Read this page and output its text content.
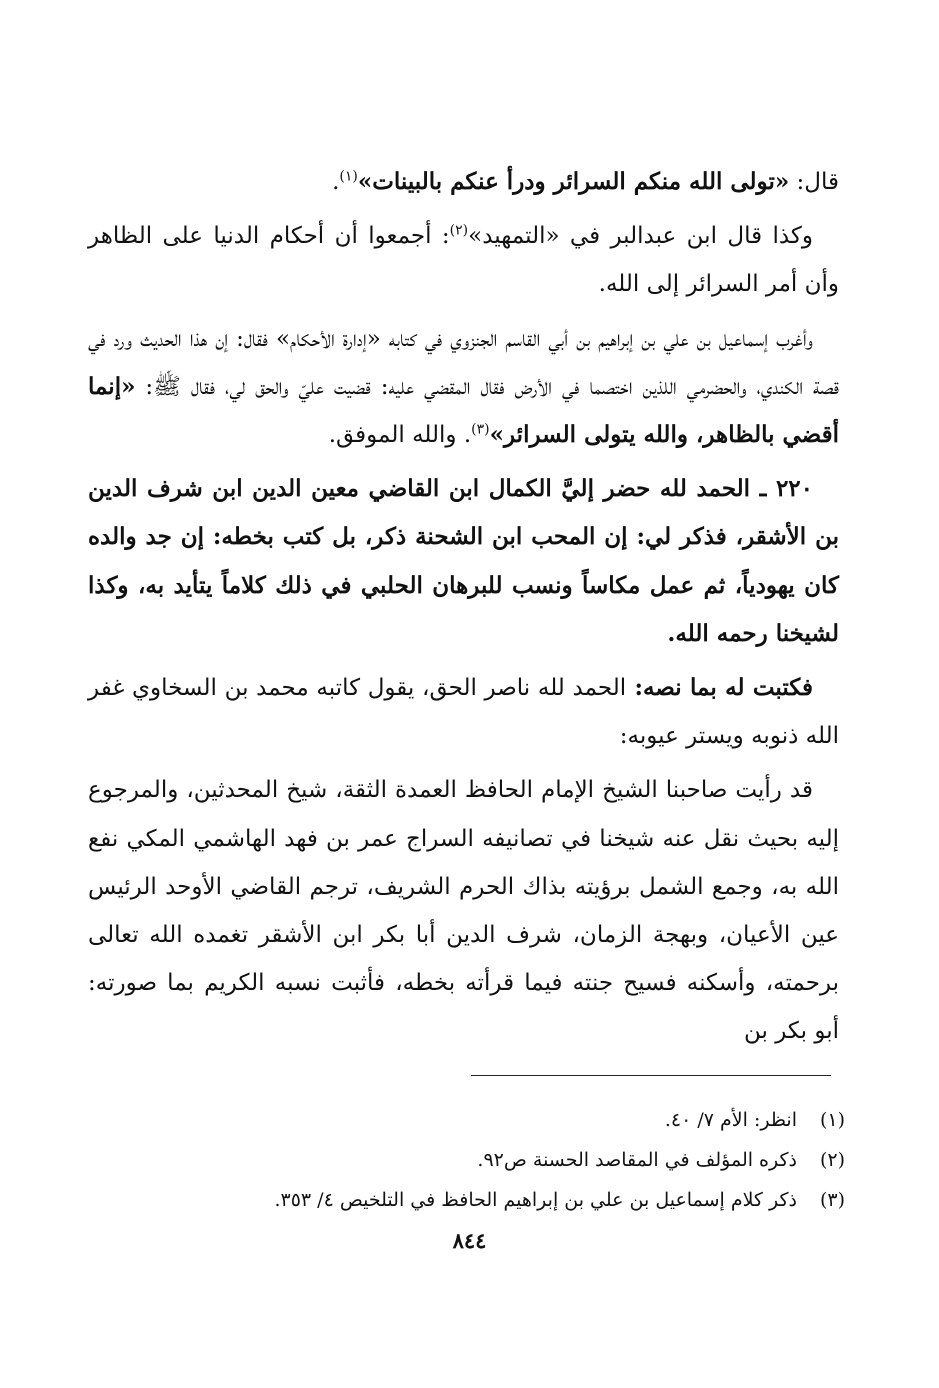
قال: «تولى الله منكم السرائر ودرأ عنكم بالبينات»$^{(١)}$.

وكذا قال ابن عبدالبر في «التمهيد»$^{(٢)}$: أجمعوا أن أحكام الدنيا على الظاهر وأن أمر السرائر إلى الله.

وأغرب إسماعيل بن علي بن إبراهيم بن أبي القاسم الجنزوي في كتابه «إدارة الأحكام» فقال: إن هذا الحديث ورد في قصة الكندي، والحضرمي اللذين اختصما في الأرض فقال المقضي عليه: قضيت عليّ والحق لي، فقال ﷺ: «إنما أقضي بالظاهر، والله يتولى السرائر»$^{(٣)}$. والله الموفق.

٢٢٠ ـ الحمد لله حضر إليَّ الكمال ابن القاضي معين الدين ابن شرف الدين بن الأشقر، فذكر لي: إن المحب ابن الشحنة ذكر، بل كتب بخطه: إن جد والده كان يهودياً، ثم عمل مكاساً ونسب للبرهان الحلبي في ذلك كلاماً يتأيد به، وكذا لشيخنا رحمه الله.

فكتبت له بما نصه: الحمد لله ناصر الحق، يقول كاتبه محمد بن السخاوي غفر الله ذنوبه ويستر عيوبه:

قد رأيت صاحبنا الشيخ الإمام الحافظ العمدة الثقة، شيخ المحدثين، والمرجوع إليه بحيث نقل عنه شيخنا في تصانيفه السراج عمر بن فهد الهاشمي المكي نفع الله به، وجمع الشمل برؤيته بذاك الحرم الشريف، ترجم القاضي الأوحد الرئيس عين الأعيان، وبهجة الزمان، شرف الدين أبا بكر ابن الأشقر تغمده الله تعالى برحمته، وأسكنه فسيح جنته فيما قرأته بخطه، فأثبت نسبه الكريم بما صورته: أبو بكر بن

(١)انظر: الأم ٧/ ٤٠.
(٢)ذكره المؤلف في المقاصد الحسنة ص٩٢.
(٣)ذكر كلام إسماعيل بن علي بن إبراهيم الحافظ في التلخيص ٤/ ٣٥٣.
٨٤٤
